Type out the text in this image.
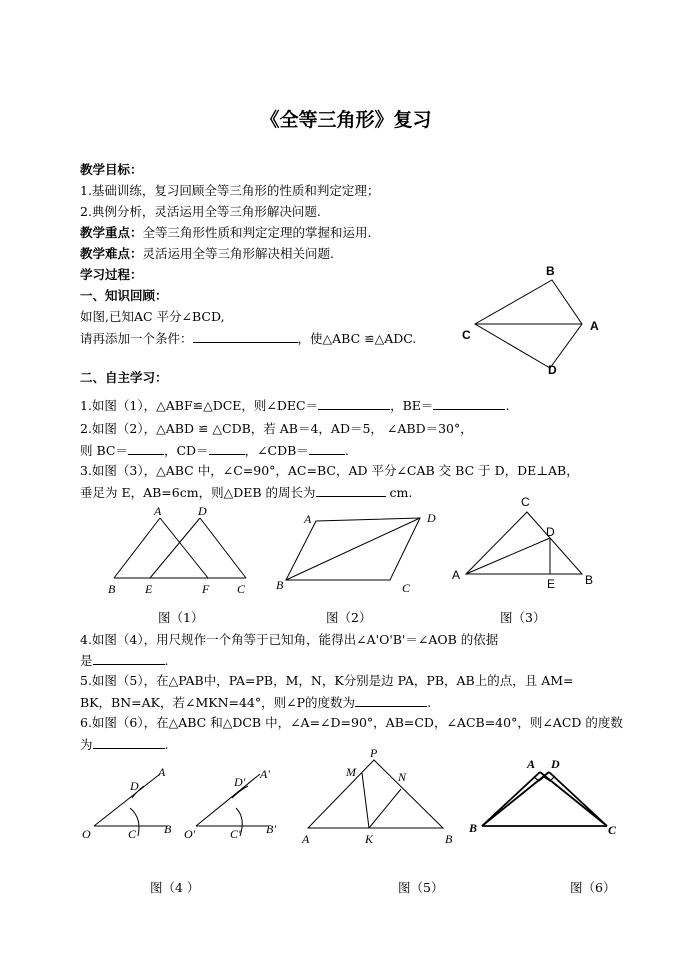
《全等三角形》复习
教学目标：
1.基础训练，复习回顾全等三角形的性质和判定定理；
2.典例分析，灵活运用全等三角形解决问题.
教学重点：全等三角形性质和判定定理的掌握和运用.
教学难点：灵活运用全等三角形解决相关问题.
学习过程：
一、知识回顾：
如图,已知AC 平分∠BCD,
请再添加一个条件：	，使△ABC ≌△ADC.
B
A
C
D
二、自主学习：
1.如图（1），△ABF≌△DCE，则∠DEC＝	，BE＝	.
2.如图（2），△ABD ≌ △CDB，若 AB＝4，AD＝5， ∠ABD＝30°，
则 BC＝	，CD＝	，∠CDB＝	.
3.如图（3），△ABC 中，∠C=90°，AC=BC，AD 平分∠CAB 交 BC 于 D，DE⊥AB，
垂足为 E，AB=6cm，则△DEB 的周长为	cm.
A	D
B E	F C
A	D
B	C
C
D
A
E B
图（1）	图（2）	图（3）
4.如图（4），用尺规作一个角等于已知角，能得出∠A'O'B'＝∠AOB 的依据
是	.
5.如图（5），在△PAB中，PA=PB，M，N，K分别是边 PA，PB，AB上的点，且 AM=
BK，BN=AK，若∠MKN=44°，则∠P的度数为	.
6.如图（6），在△ABC 和△DCB 中，∠A=∠D=90°，AB=CD，∠ACB=40°，则∠ACD 的度数
为	.
O	C B
D
A
O'	C' B'
D'
A'
P
M	N
A	K	B
A D
B	C
图（4 ）	图（5）	图（6）
